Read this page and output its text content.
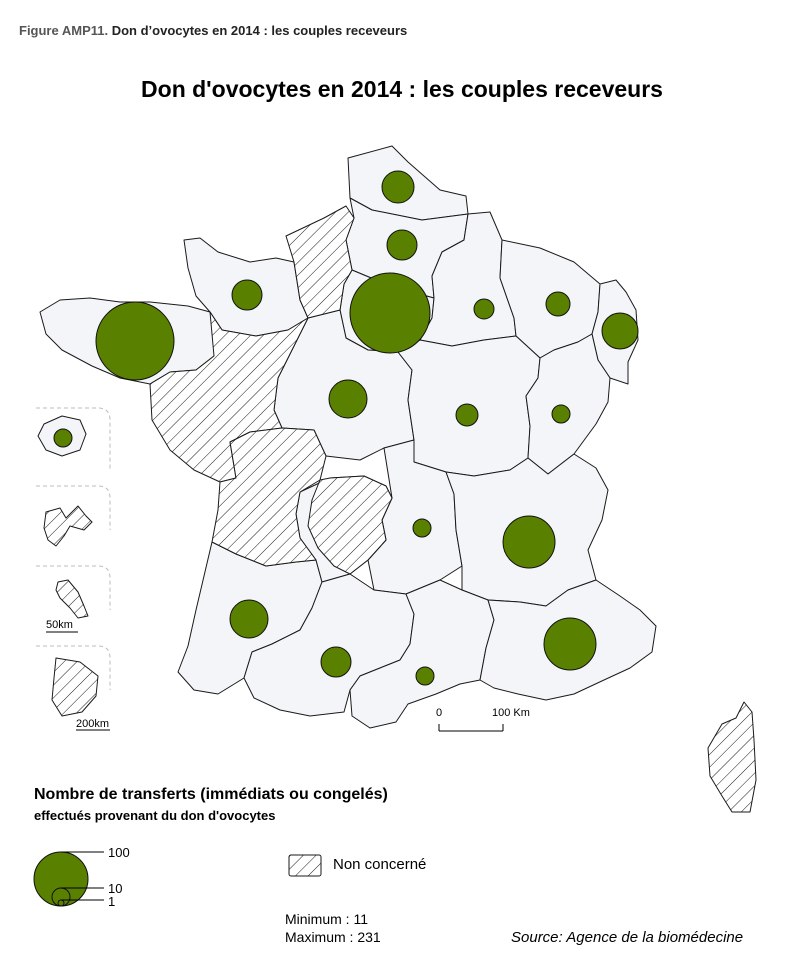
Figure AMP11. Don d’ovocytes en 2014 : les couples receveurs
Don d'ovocytes en 2014 : les couples receveurs
50km
200km
0	100 Km
Nombre de transferts (immédiats ou congelés)
effectués provenant du don d'ovocytes
100
10
1
Non concerné
Minimum : 11
Maximum : 231	Source: Agence de la biomédecine
